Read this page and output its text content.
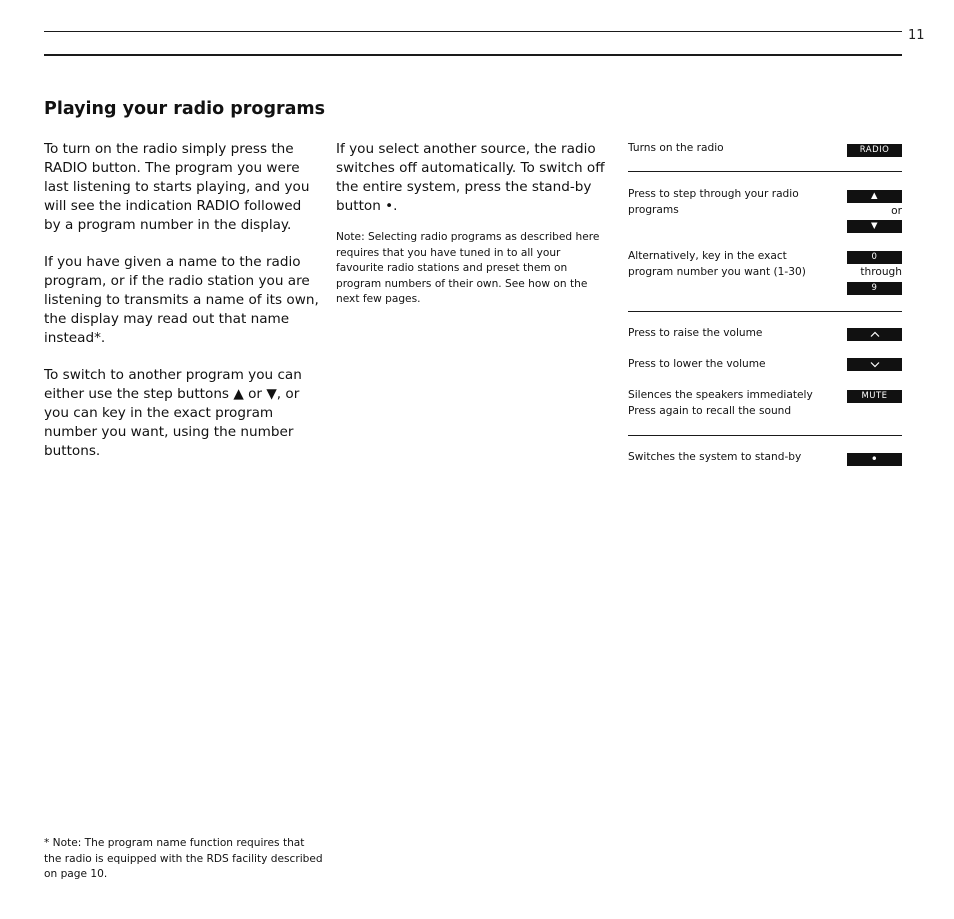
11
Playing your radio programs

To turn on the radio simply press the RADIO button. The program you were last listening to starts playing, and you will see the indication RADIO followed by a program number in the display.

If you have given a name to the radio program, or if the radio station you are listening to transmits a name of its own, the display may read out that name instead*.

To switch to another program you can either use the step buttons ▲ or ▼, or you can key in the exact program number you want, using the number buttons.

If you select another source, the radio switches off automatically. To switch off the entire system, press the stand-by button •.

Note: Selecting radio programs as described here requires that you have tuned in to all your favourite radio stations and preset them on program numbers of their own. See how on the next few pages.
* Note: The program name function requires that the radio is equipped with the RDS facility described on page 10.
Turns on the radio	RADIO
Press to step through your radio
programs
▲
or
▼
Alternatively, key in the exact
program number you want (1-30)
0
through
9
Press to raise the volume
Press to lower the volume
Silences the speakers immediately
Press again to recall the sound
MUTE
Switches the system to stand-by	•
